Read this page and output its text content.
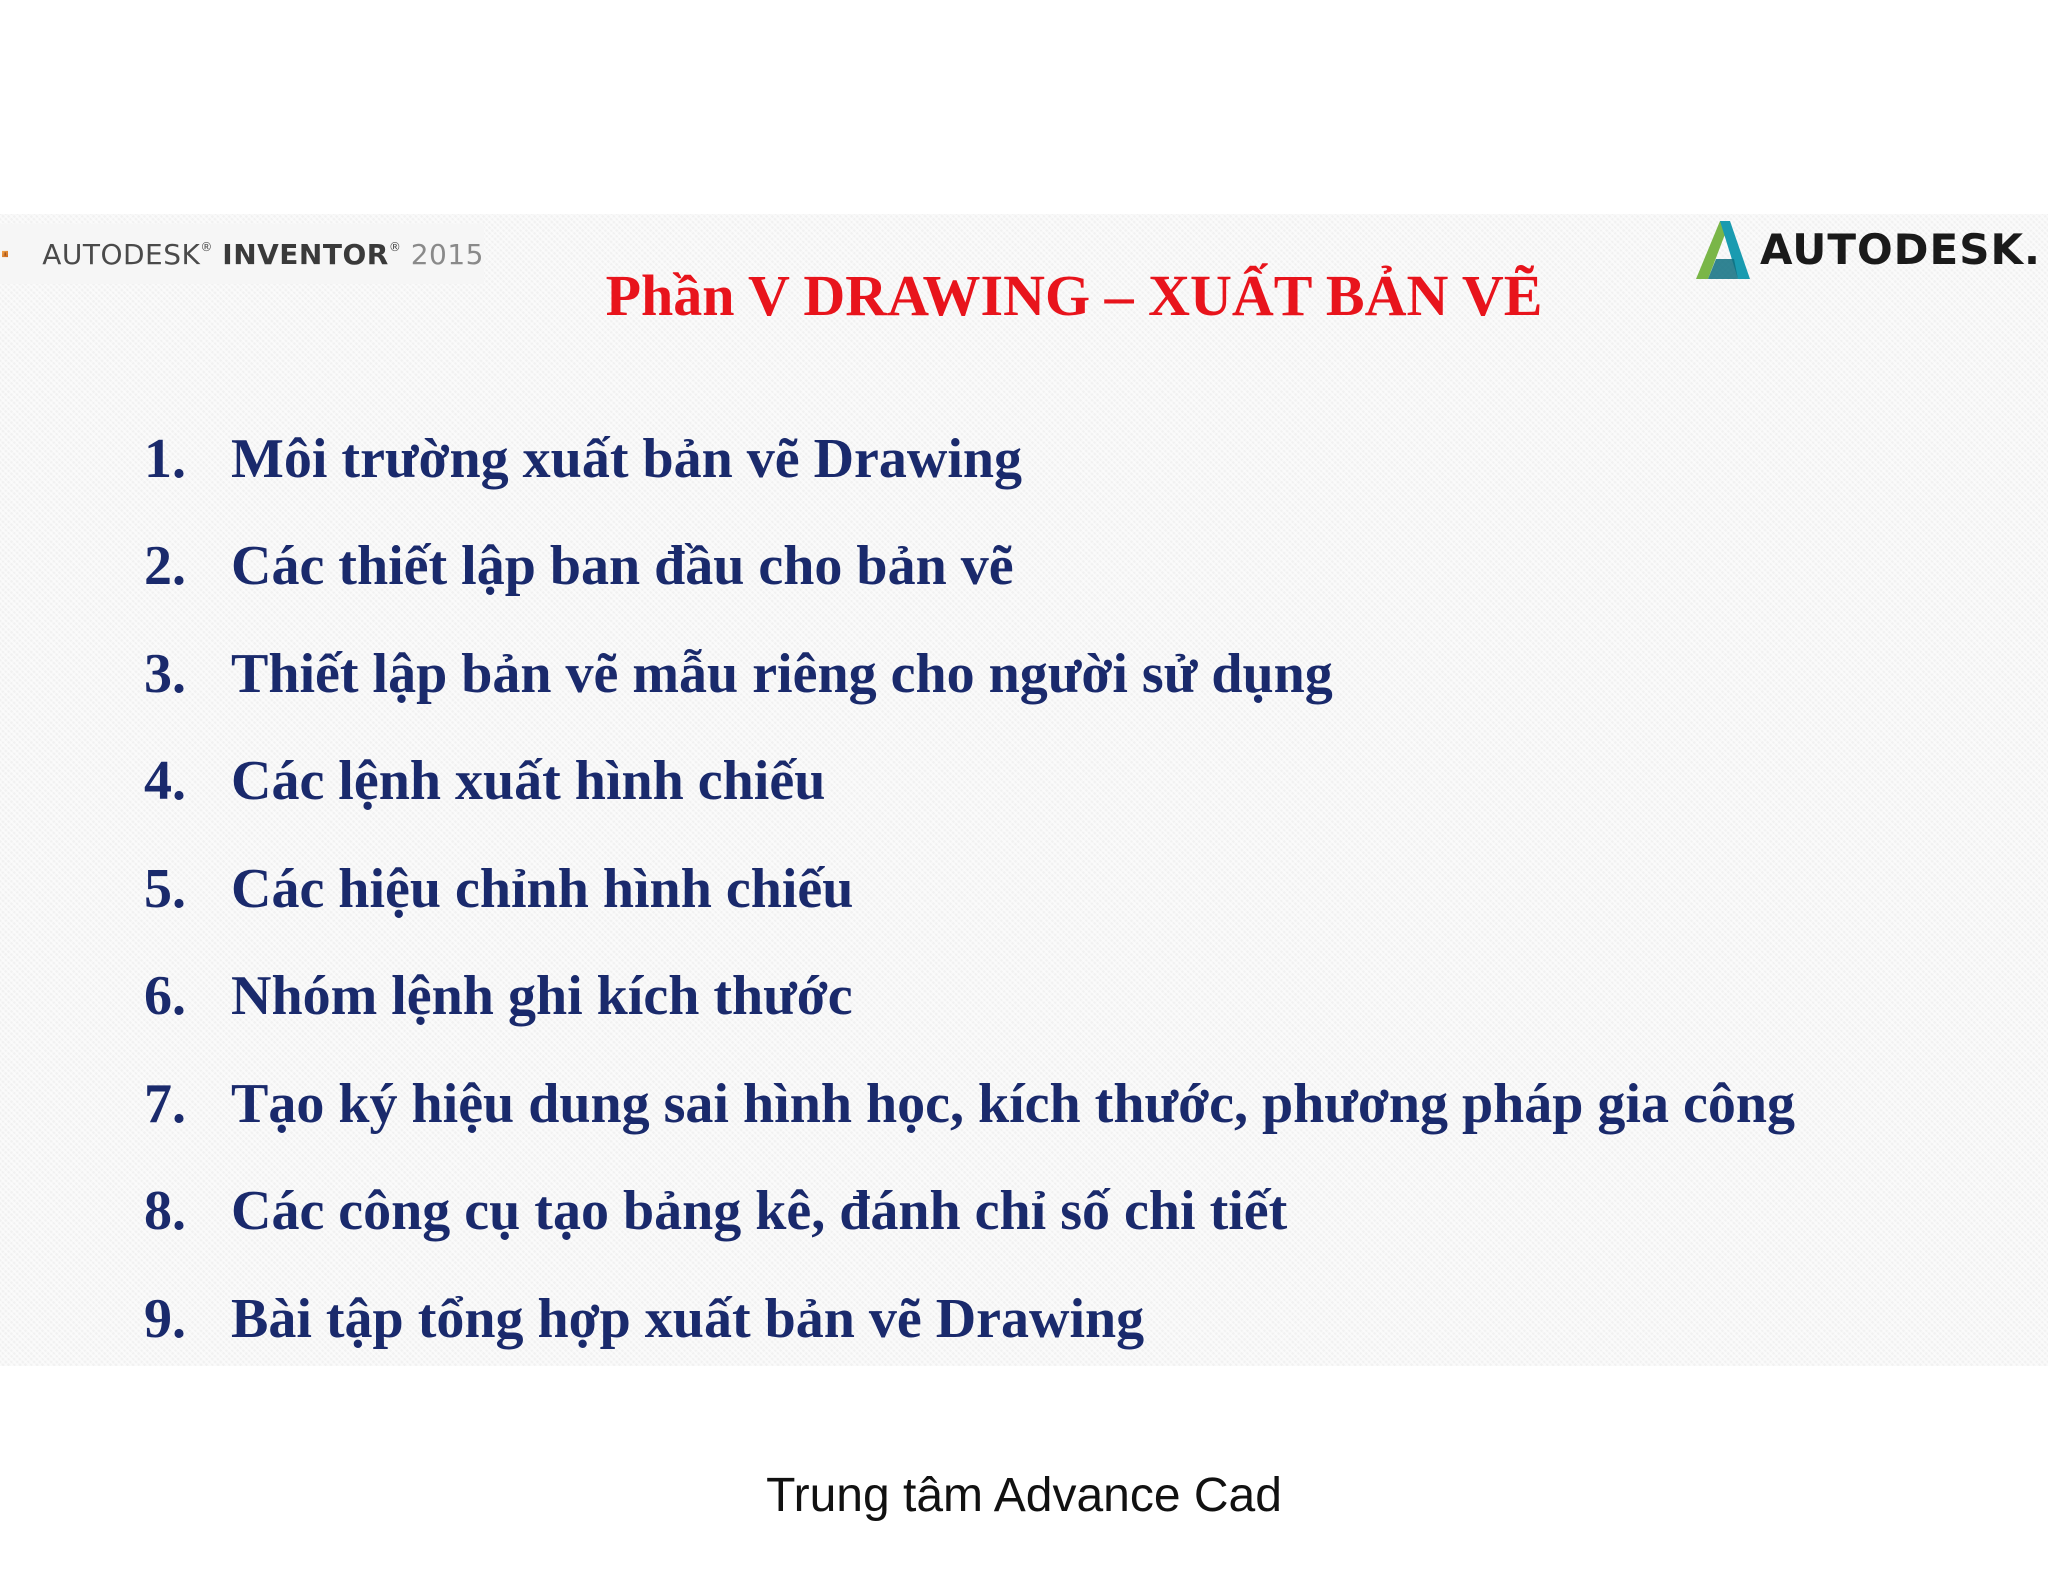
I AUTODESK® INVENTOR® 2015	AUTODESK.
Phần V DRAWING – XUẤT BẢN VẼ
1. Môi trường xuất bản vẽ Drawing
2. Các thiết lập ban đầu cho bản vẽ
3. Thiết lập bản vẽ mẫu riêng cho người sử dụng
4. Các lệnh xuất hình chiếu
5. Các hiệu chỉnh hình chiếu
6. Nhóm lệnh ghi kích thước
7. Tạo ký hiệu dung sai hình học, kích thước, phương pháp gia công
8. Các công cụ tạo bảng kê, đánh chỉ số chi tiết
9. Bài tập tổng hợp xuất bản vẽ Drawing
Trung tâm Advance Cad
